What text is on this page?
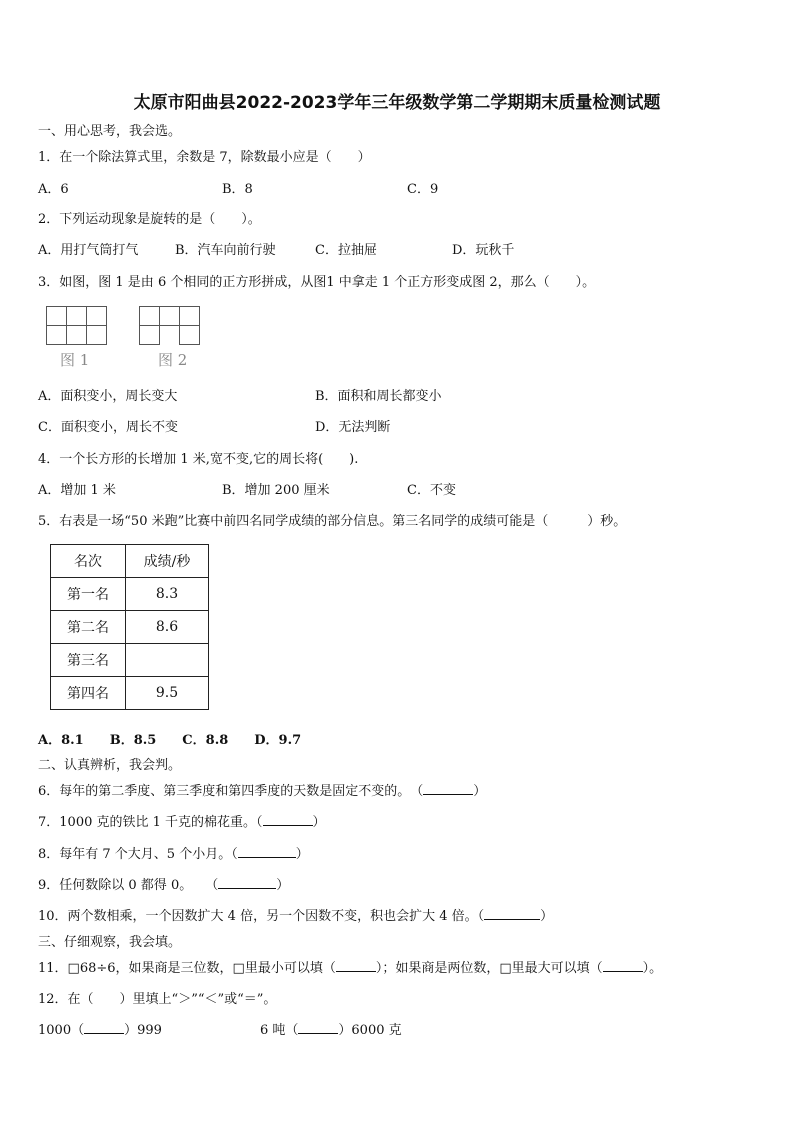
太原市阳曲县2022-2023学年三年级数学第二学期期末质量检测试题
一、用心思考，我会选。
1．在一个除法算式里，余数是 7，除数最小应是（　　）
A．6	B．8	C．9
2．下列运动现象是旋转的是（　　）。
A．用打气筒打气	B．汽车向前行驶	C．拉抽屉	D．玩秋千
3．如图，图 1 是由 6 个相同的正方形拼成，从图1 中拿走 1 个正方形变成图 2，那么（　　）。
图 1	图 2
A．面积变小，周长变大	B．面积和周长都变小
C．面积变小，周长不变	D．无法判断
4．一个长方形的长增加 1 米,宽不变,它的周长将(　　).
A．增加 1 米	B．增加 200 厘米	C．不变
5．右表是一场“50 米跑”比赛中前四名同学成绩的部分信息。第三名同学的成绩可能是（　　　）秒。
名次	成绩/秒
第一名	8.3
第二名	8.6
第三名	
第四名	9.5
A．8.1　　B．8.5　　C．8.8　　D．9.7
二、认真辨析，我会判。
6．每年的第二季度、第三季度和第四季度的天数是固定不变的。　（	）
7．1000 克的铁比 1 千克的棉花重。（	）
8．每年有 7 个大月、5 个小月。（	）
9．任何数除以 0 都得 0。　　（	）
10．两个数相乘，一个因数扩大 4 倍，另一个因数不变，积也会扩大 4 倍。（	）
三、仔细观察，我会填。
11．□68÷6，如果商是三位数，□里最小可以填（	）；如果商是两位数，□里最大可以填（	）。
12．在（　　）里填上“＞”“＜”或“＝”。
1000（	）999	6 吨（	）6000 克
